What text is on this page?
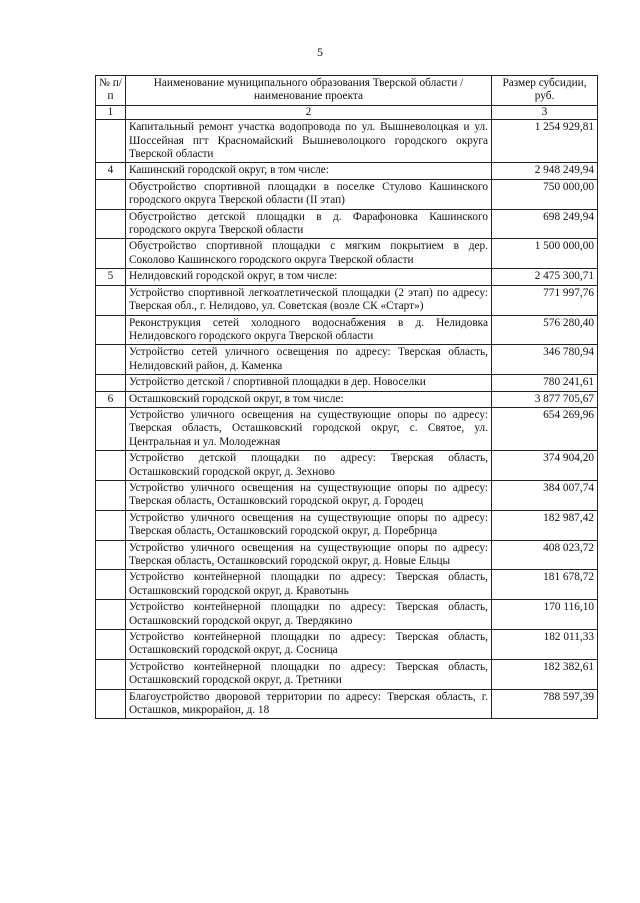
5
№ п/п	Наименование муниципального образования Тверской области / наименование проекта	Размер субсидии, руб.
1	2	3
	Капитальный ремонт участка водопровода по ул. Вышневолоцкая и ул. Шоссейная пгт Красномайский Вышневолоцкого городского округа Тверской области	1 254 929,81
4	Кашинский городской округ, в том числе:	2 948 249,94
	Обустройство спортивной площадки в поселке Стулово Кашинского городского округа Тверской области (II этап)	750 000,00
	Обустройство детской площадки в д. Фарафоновка Кашинского городского округа Тверской области	698 249,94
	Обустройство спортивной площадки с мягким покрытием в дер. Соколово Кашинского городского округа Тверской области	1 500 000,00
5	Нелидовский городской округ, в том числе:	2 475 300,71
	Устройство спортивной легкоатлетической площадки (2 этап) по адресу: Тверская обл., г. Нелидово, ул. Советская (возле СК «Старт»)	771 997,76
	Реконструкция сетей холодного водоснабжения в д. Нелидовка Нелидовского городского округа Тверской области	576 280,40
	Устройство сетей уличного освещения по адресу: Тверская область, Нелидовский район, д. Каменка	346 780,94
	Устройство детской / спортивной площадки в дер. Новоселки	780 241,61
6	Осташковский городской округ, в том числе:	3 877 705,67
	Устройство уличного освещения на существующие опоры по адресу: Тверская область, Осташковский городской округ, с. Святое, ул. Центральная и ул. Молодежная	654 269,96
	Устройство детской площадки по адресу: Тверская область, Осташковский городской округ, д. Зехново	374 904,20
	Устройство уличного освещения на существующие опоры по адресу: Тверская область, Осташковский городской округ, д. Городец	384 007,74
	Устройство уличного освещения на существующие опоры по адресу: Тверская область, Осташковский городской округ, д. Поребрица	182 987,42
	Устройство уличного освещения на существующие опоры по адресу: Тверская область, Осташковский городской округ, д. Новые Ельцы	408 023,72
	Устройство контейнерной площадки по адресу: Тверская область, Осташковский городской округ, д. Кравотынь	181 678,72
	Устройство контейнерной площадки по адресу: Тверская область, Осташковский городской округ, д. Твердякино	170 116,10
	Устройство контейнерной площадки по адресу: Тверская область, Осташковский городской округ, д. Сосница	182 011,33
	Устройство контейнерной площадки по адресу: Тверская область, Осташковский городской округ, д. Третники	182 382,61
	Благоустройство дворовой территории по адресу: Тверская область, г. Осташков, микрорайон, д. 18	788 597,39
